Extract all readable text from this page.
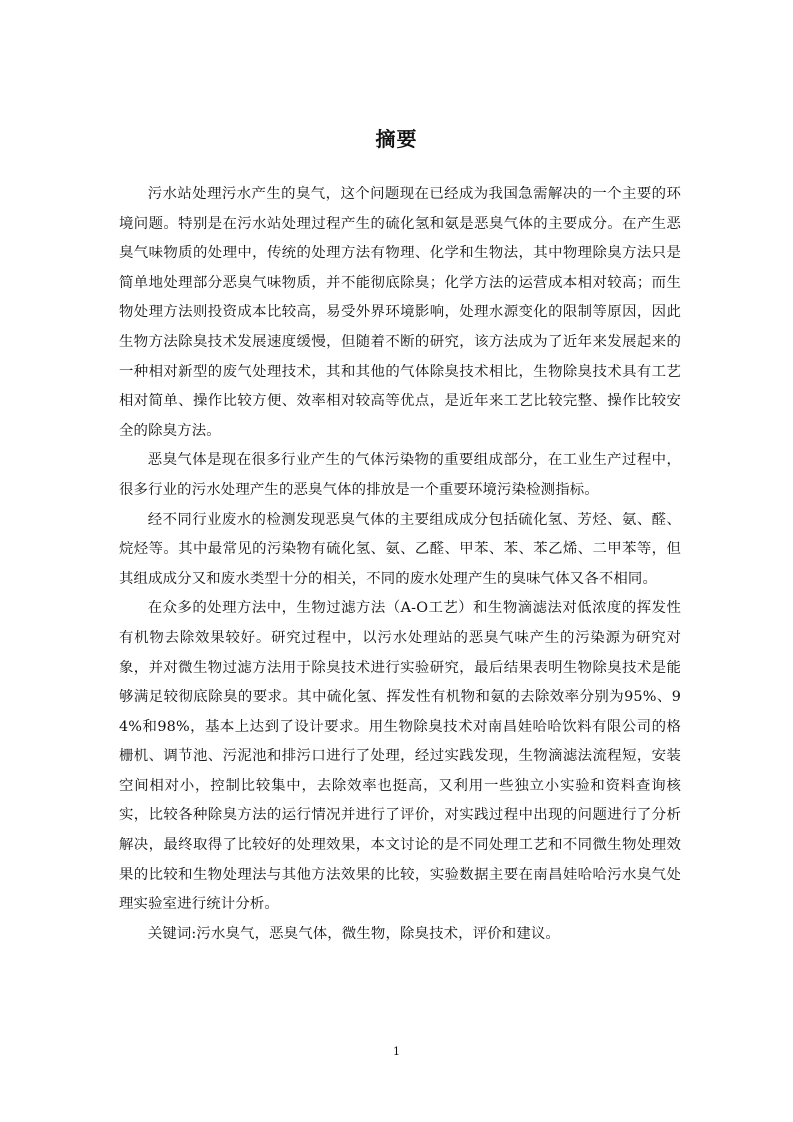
摘要

污水站处理污水产生的臭气，这个问题现在已经成为我国急需解决的一个主要的环境问题。特别是在污水站处理过程产生的硫化氢和氨是恶臭气体的主要成分。在产生恶臭气味物质的处理中，传统的处理方法有物理、化学和生物法，其中物理除臭方法只是简单地处理部分恶臭气味物质，并不能彻底除臭；化学方法的运营成本相对较高；而生物处理方法则投资成本比较高，易受外界环境影响，处理水源变化的限制等原因，因此生物方法除臭技术发展速度缓慢，但随着不断的研究，该方法成为了近年来发展起来的一种相对新型的废气处理技术，其和其他的气体除臭技术相比，生物除臭技术具有工艺相对简单、操作比较方便、效率相对较高等优点，是近年来工艺比较完整、操作比较安全的除臭方法。

恶臭气体是现在很多行业产生的气体污染物的重要组成部分，在工业生产过程中，很多行业的污水处理产生的恶臭气体的排放是一个重要环境污染检测指标。

经不同行业废水的检测发现恶臭气体的主要组成成分包括硫化氢、芳烃、氨、醛、烷烃等。其中最常见的污染物有硫化氢、氨、乙醛、甲苯、苯、苯乙烯、二甲苯等，但其组成成分又和废水类型十分的相关，不同的废水处理产生的臭味气体又各不相同。

在众多的处理方法中，生物过滤方法（A-O工艺）和生物滴滤法对低浓度的挥发性有机物去除效果较好。研究过程中，以污水处理站的恶臭气味产生的污染源为研究对象，并对微生物过滤方法用于除臭技术进行实验研究，最后结果表明生物除臭技术是能够满足较彻底除臭的要求。其中硫化氢、挥发性有机物和氨的去除效率分别为95%、94%和98%，基本上达到了设计要求。用生物除臭技术对南昌娃哈哈饮料有限公司的格栅机、调节池、污泥池和排污口进行了处理，经过实践发现，生物滴滤法流程短，安装空间相对小，控制比较集中，去除效率也挺高，又利用一些独立小实验和资料查询核实，比较各种除臭方法的运行情况并进行了评价，对实践过程中出现的问题进行了分析解决，最终取得了比较好的处理效果，本文讨论的是不同处理工艺和不同微生物处理效果的比较和生物处理法与其他方法效果的比较，实验数据主要在南昌娃哈哈污水臭气处理实验室进行统计分析。

关键词:污水臭气，恶臭气体，微生物，除臭技术，评价和建议。

1
